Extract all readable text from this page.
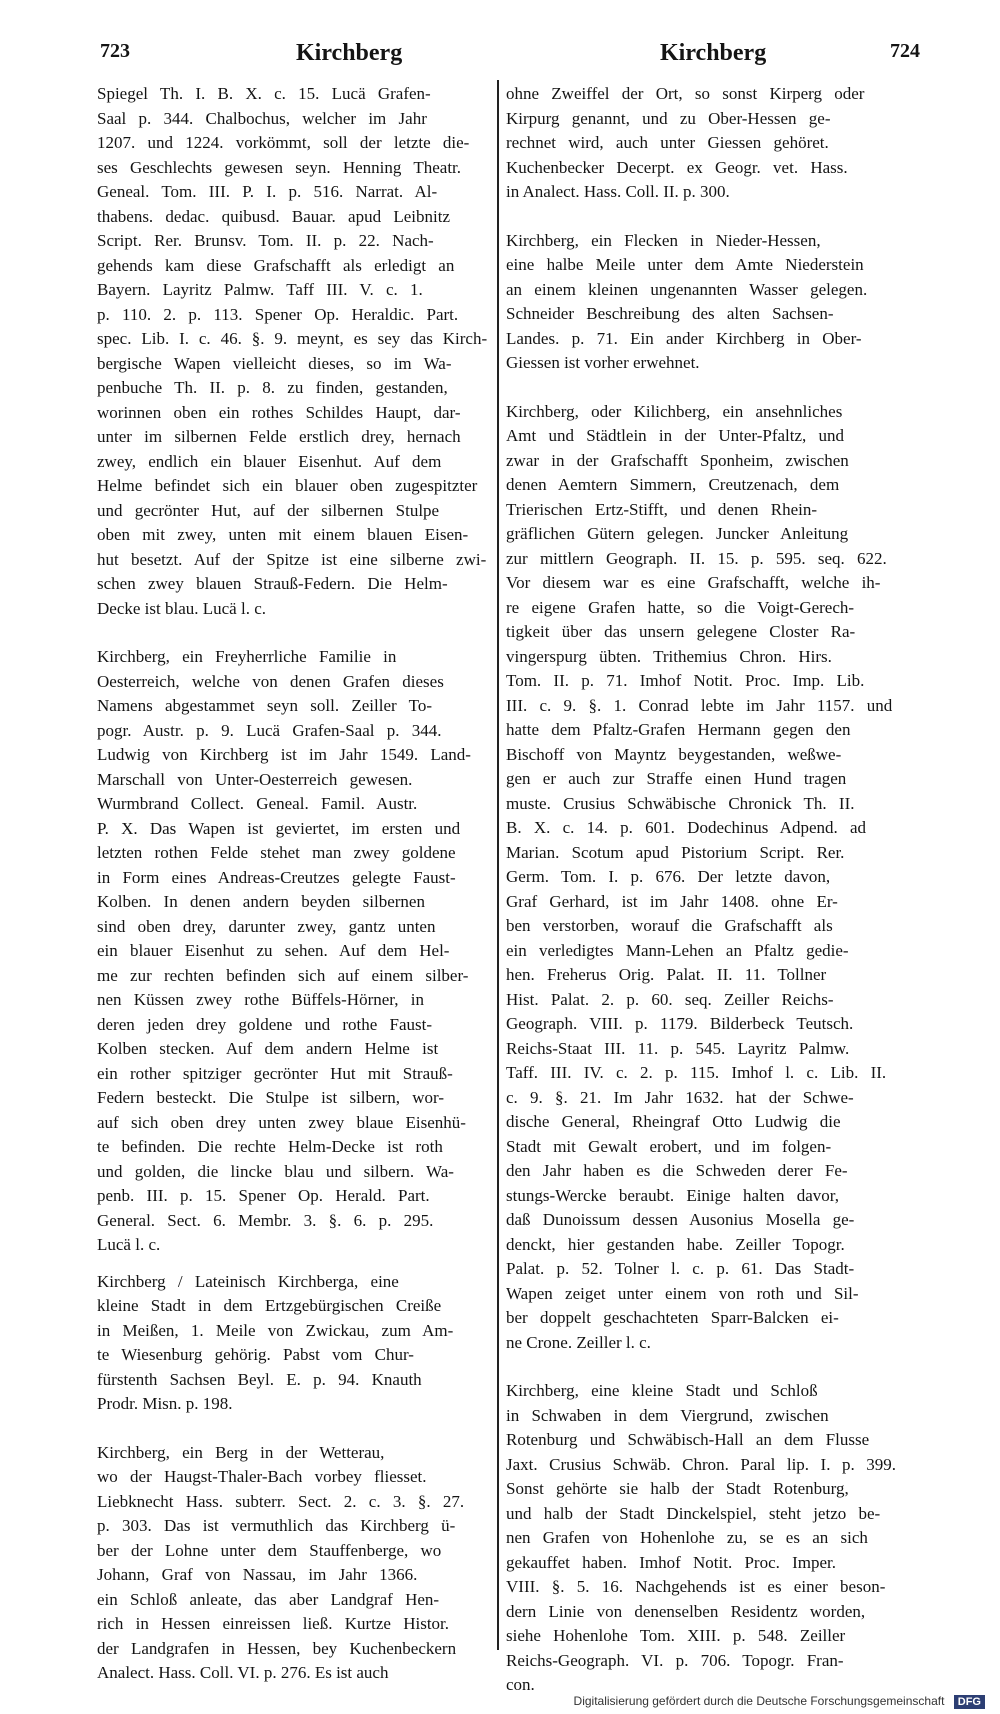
723	Kirchberg	Kirchberg	724
Spiegel Th. I. B. X. c. 15. Lucä Grafen-
Saal p. 344. Chalbochus, welcher im Jahr
1207. und 1224. vorkömmt, soll der letzte die-
ses Geschlechts gewesen seyn. Henning Theatr.
Geneal. Tom. III. P. I. p. 516. Narrat. Al-
thabens. dedac. quibusd. Bauar. apud Leibnitz
Script. Rer. Brunsv. Tom. II. p. 22. Nach-
gehends kam diese Grafschafft als erledigt an
Bayern. Layritz Palmw. Taff III. V. c. 1.
p. 110. 2. p. 113. Spener Op. Heraldic. Part.
spec. Lib. I. c. 46. §. 9. meynt, es sey das Kirch-
bergische Wapen vielleicht dieses, so im Wa-
penbuche Th. II. p. 8. zu finden, gestanden,
worinnen oben ein rothes Schildes Haupt, dar-
unter im silbernen Felde erstlich drey, hernach
zwey, endlich ein blauer Eisenhut. Auf dem
Helme befindet sich ein blauer oben zugespitzter
und gecrönter Hut, auf der silbernen Stulpe
oben mit zwey, unten mit einem blauen Eisen-
hut besetzt. Auf der Spitze ist eine silberne zwi-
schen zwey blauen Strauß-Federn. Die Helm-
Decke ist blau. Lucä l. c.
Kirchberg, ein Freyherrliche Familie in
Oesterreich, welche von denen Grafen dieses
Namens abgestammet seyn soll. Zeiller To-
pogr. Austr. p. 9. Lucä Grafen-Saal p. 344.
Ludwig von Kirchberg ist im Jahr 1549. Land-
Marschall von Unter-Oesterreich gewesen.
Wurmbrand Collect. Geneal. Famil. Austr.
P. X. Das Wapen ist geviertet, im ersten und
letzten rothen Felde stehet man zwey goldene
in Form eines Andreas-Creutzes gelegte Faust-
Kolben. In denen andern beyden silbernen
sind oben drey, darunter zwey, gantz unten
ein blauer Eisenhut zu sehen. Auf dem Hel-
me zur rechten befinden sich auf einem silber-
nen Küssen zwey rothe Büffels-Hörner, in
deren jeden drey goldene und rothe Faust-
Kolben stecken. Auf dem andern Helme ist
ein rother spitziger gecrönter Hut mit Strauß-
Federn besteckt. Die Stulpe ist silbern, wor-
auf sich oben drey unten zwey blaue Eisenhü-
te befinden. Die rechte Helm-Decke ist roth
und golden, die lincke blau und silbern. Wa-
penb. III. p. 15. Spener Op. Herald. Part.
General. Sect. 6. Membr. 3. §. 6. p. 295.
Lucä l. c.
Kirchberg / Lateinisch Kirchberga, eine
kleine Stadt in dem Ertzgebürgischen Creiße
in Meißen, 1. Meile von Zwickau, zum Am-
te Wiesenburg gehörig. Pabst vom Chur-
fürstenth Sachsen Beyl. E. p. 94. Knauth
Prodr. Misn. p. 198.
Kirchberg, ein Berg in der Wetterau,
wo der Haugst-Thaler-Bach vorbey fliesset.
Liebknecht Hass. subterr. Sect. 2. c. 3. §. 27.
p. 303. Das ist vermuthlich das Kirchberg ü-
ber der Lohne unter dem Stauffenberge, wo
Johann, Graf von Nassau, im Jahr 1366.
ein Schloß anleate, das aber Landgraf Hen-
rich in Hessen einreissen ließ. Kurtze Histor.
der Landgrafen in Hessen, bey Kuchenbeckern
Analect. Hass. Coll. VI. p. 276. Es ist auch
ohne Zweiffel der Ort, so sonst Kirperg oder
Kirpurg genannt, und zu Ober-Hessen ge-
rechnet wird, auch unter Giessen gehöret.
Kuchenbecker Decerpt. ex Geogr. vet. Hass.
in Analect. Hass. Coll. II. p. 300.
Kirchberg, ein Flecken in Nieder-Hessen,
eine halbe Meile unter dem Amte Niederstein
an einem kleinen ungenannten Wasser gelegen.
Schneider Beschreibung des alten Sachsen-
Landes. p. 71. Ein ander Kirchberg in Ober-
Giessen ist vorher erwehnet.
Kirchberg, oder Kilichberg, ein ansehnliches
Amt und Städtlein in der Unter-Pfaltz, und
zwar in der Grafschafft Sponheim, zwischen
denen Aemtern Simmern, Creutzenach, dem
Trierischen Ertz-Stifft, und denen Rhein-
gräflichen Gütern gelegen. Juncker Anleitung
zur mittlern Geograph. II. 15. p. 595. seq. 622.
Vor diesem war es eine Grafschafft, welche ih-
re eigene Grafen hatte, so die Voigt-Gerech-
tigkeit über das unsern gelegene Closter Ra-
vingerspurg übten. Trithemius Chron. Hirs.
Tom. II. p. 71. Imhof Notit. Proc. Imp. Lib.
III. c. 9. §. 1. Conrad lebte im Jahr 1157. und
hatte dem Pfaltz-Grafen Hermann gegen den
Bischoff von Mayntz beygestanden, weßwe-
gen er auch zur Straffe einen Hund tragen
muste. Crusius Schwäbische Chronick Th. II.
B. X. c. 14. p. 601. Dodechinus Adpend. ad
Marian. Scotum apud Pistorium Script. Rer.
Germ. Tom. I. p. 676. Der letzte davon,
Graf Gerhard, ist im Jahr 1408. ohne Er-
ben verstorben, worauf die Grafschafft als
ein verledigtes Mann-Lehen an Pfaltz gedie-
hen. Freherus Orig. Palat. II. 11. Tollner
Hist. Palat. 2. p. 60. seq. Zeiller Reichs-
Geograph. VIII. p. 1179. Bilderbeck Teutsch.
Reichs-Staat III. 11. p. 545. Layritz Palmw.
Taff. III. IV. c. 2. p. 115. Imhof l. c. Lib. II.
c. 9. §. 21. Im Jahr 1632. hat der Schwe-
dische General, Rheingraf Otto Ludwig die
Stadt mit Gewalt erobert, und im folgen-
den Jahr haben es die Schweden derer Fe-
stungs-Wercke beraubt. Einige halten davor,
daß Dunoissum dessen Ausonius Mosella ge-
denckt, hier gestanden habe. Zeiller Topogr.
Palat. p. 52. Tolner l. c. p. 61. Das Stadt-
Wapen zeiget unter einem von roth und Sil-
ber doppelt geschachteten Sparr-Balcken ei-
ne Crone. Zeiller l. c.
Kirchberg, eine kleine Stadt und Schloß
in Schwaben in dem Viergrund, zwischen
Rotenburg und Schwäbisch-Hall an dem Flusse
Jaxt. Crusius Schwäb. Chron. Paral lip. I. p. 399.
Sonst gehörte sie halb der Stadt Rotenburg,
und halb der Stadt Dinckelspiel, steht jetzo be-
nen Grafen von Hohenlohe zu, se es an sich
gekauffet haben. Imhof Notit. Proc. Imper.
VIII. §. 5. 16. Nachgehends ist es einer beson-
dern Linie von denenselben Residentz worden,
siehe Hohenlohe Tom. XIII. p. 548. Zeiller
Reichs-Geograph. VI. p. 706. Topogr. Fran-
con.
Digitalisierung gefördert durch die Deutsche Forschungsgemeinschaft DFG
